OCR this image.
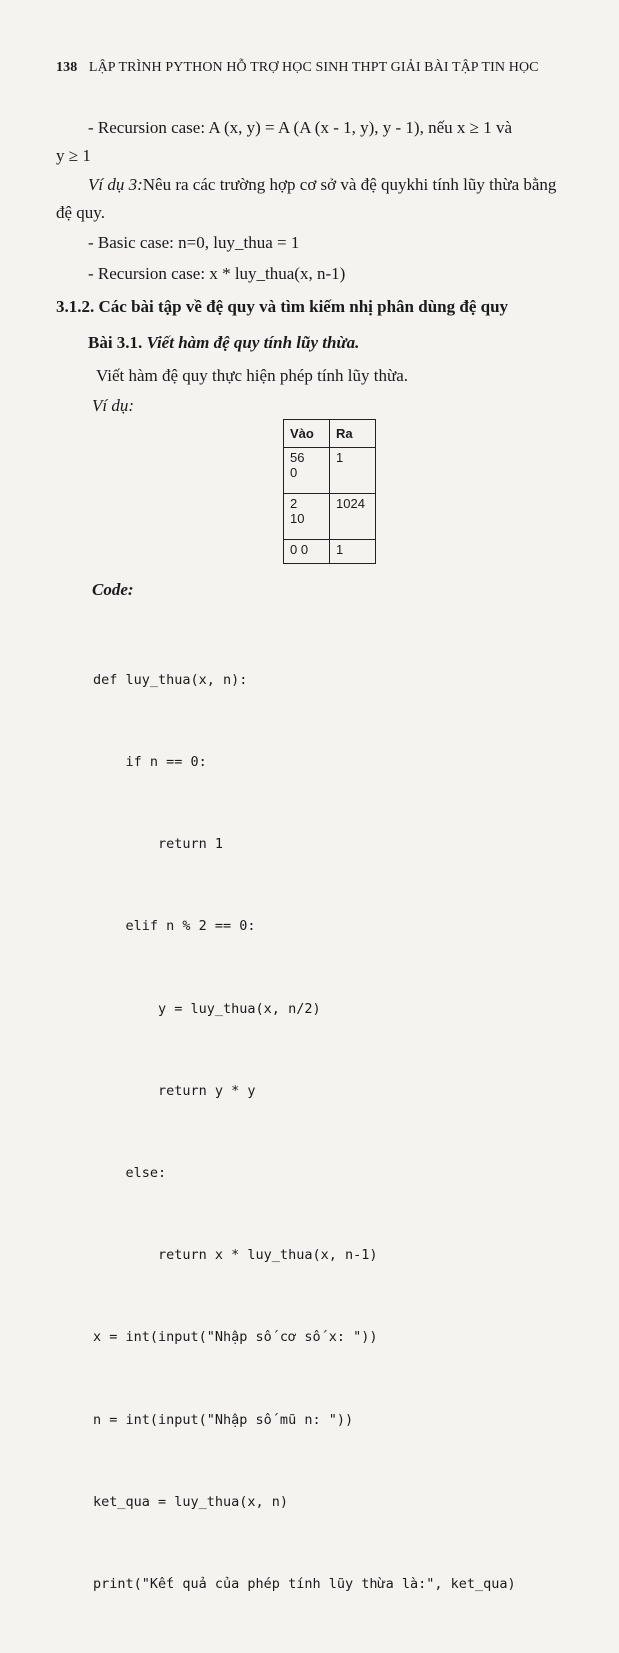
138 LẬP TRÌNH PYTHON HỖ TRỢ HỌC SINH THPT GIẢI BÀI TẬP TIN HỌC
- Recursion case: A (x, y) = A (A (x - 1, y), y - 1), nếu x ≥ 1 và
y ≥ 1
Ví dụ 3:Nêu ra các trường hợp cơ sở và đệ quykhi tính lũy thừa bằng
đệ quy.
- Basic case: n=0, luy_thua = 1
- Recursion case: x * luy_thua(x, n-1)
3.1.2. Các bài tập về đệ quy và tìm kiếm nhị phân dùng đệ quy
Bài 3.1. Viết hàm đệ quy tính lũy thừa.
Viết hàm đệ quy thực hiện phép tính lũy thừa.
Ví dụ:
Vào	Ra

56
0	1

2
10	1024
0 0	1
Code:

def luy_thua(x, n):

if n == 0:

return 1

elif n % 2 == 0:

y = luy_thua(x, n/2)

return y * y

else:

return x * luy_thua(x, n-1)

x = int(input("Nhập số cơ số x: "))

n = int(input("Nhập số mũ n: "))

ket_qua = luy_thua(x, n)

print("Kết quả của phép tính lũy thừa là:", ket_qua)
